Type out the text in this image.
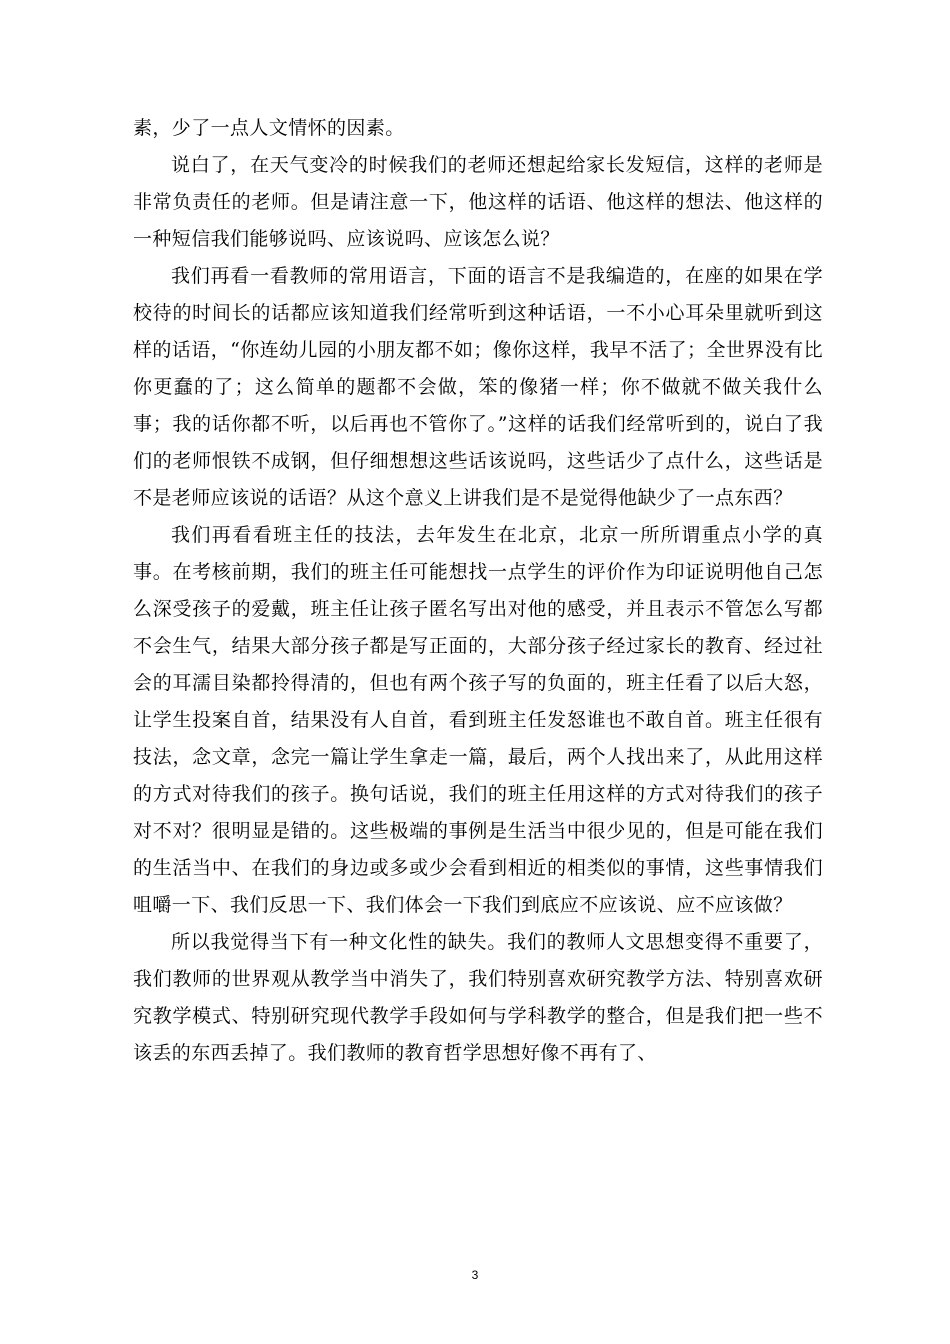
素，少了一点人文情怀的因素。

说白了，在天气变冷的时候我们的老师还想起给家长发短信，这样的老师是非常负责任的老师。但是请注意一下，他这样的话语、他这样的想法、他这样的一种短信我们能够说吗、应该说吗、应该怎么说？

我们再看一看教师的常用语言，下面的语言不是我编造的，在座的如果在学校待的时间长的话都应该知道我们经常听到这种话语，一不小心耳朵里就听到这样的话语，“你连幼儿园的小朋友都不如；像你这样，我早不活了；全世界没有比你更蠢的了；这么简单的题都不会做，笨的像猪一样；你不做就不做关我什么事；我的话你都不听，以后再也不管你了。”这样的话我们经常听到的，说白了我们的老师恨铁不成钢，但仔细想想这些话该说吗，这些话少了点什么，这些话是不是老师应该说的话语？从这个意义上讲我们是不是觉得他缺少了一点东西？

我们再看看班主任的技法，去年发生在北京，北京一所所谓重点小学的真事。在考核前期，我们的班主任可能想找一点学生的评价作为印证说明他自己怎么深受孩子的爱戴，班主任让孩子匿名写出对他的感受，并且表示不管怎么写都不会生气，结果大部分孩子都是写正面的，大部分孩子经过家长的教育、经过社会的耳濡目染都拎得清的，但也有两个孩子写的负面的，班主任看了以后大怒，让学生投案自首，结果没有人自首，看到班主任发怒谁也不敢自首。班主任很有技法，念文章，念完一篇让学生拿走一篇，最后，两个人找出来了，从此用这样的方式对待我们的孩子。换句话说，我们的班主任用这样的方式对待我们的孩子对不对？很明显是错的。这些极端的事例是生活当中很少见的，但是可能在我们的生活当中、在我们的身边或多或少会看到相近的相类似的事情，这些事情我们咀嚼一下、我们反思一下、我们体会一下我们到底应不应该说、应不应该做？

所以我觉得当下有一种文化性的缺失。我们的教师人文思想变得不重要了，我们教师的世界观从教学当中消失了，我们特别喜欢研究教学方法、特别喜欢研究教学模式、特别研究现代教学手段如何与学科教学的整合，但是我们把一些不该丢的东西丢掉了。我们教师的教育哲学思想好像不再有了、

3
